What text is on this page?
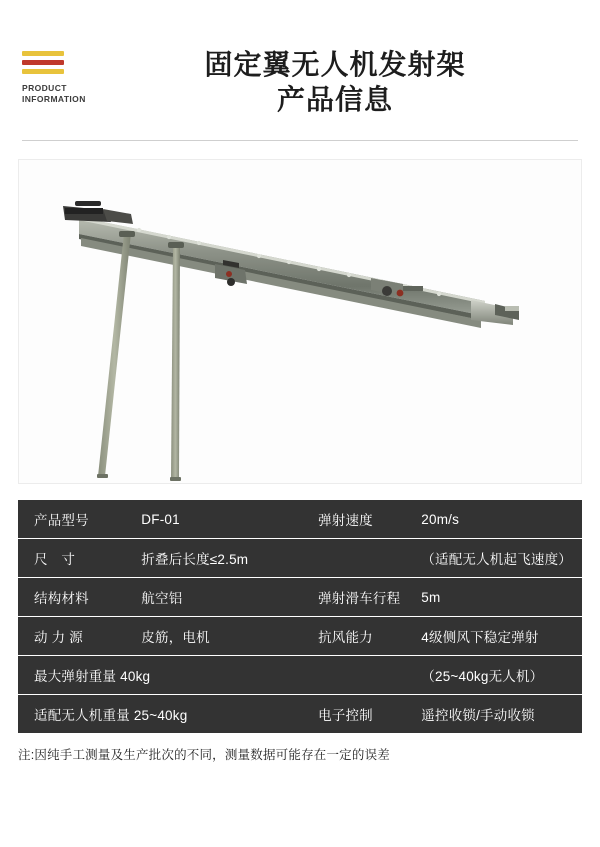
PRODUCT
INFORMATION
固定翼无人机发射架
产品信息
产品型号	DF-01	弹射速度	20m/s
尺　寸	折叠后长度≤2.5m		（适配无人机起飞速度）
结构材料	航空铝	弹射滑车行程	5m
动 力 源	皮筋，电机	抗风能力	4级侧风下稳定弹射
最大弹射重量 40kg			（25~40kg无人机）
适配无人机重量 25~40kg		电子控制	遥控收锁/手动收锁
注:因纯手工测量及生产批次的不同，测量数据可能存在一定的误差
